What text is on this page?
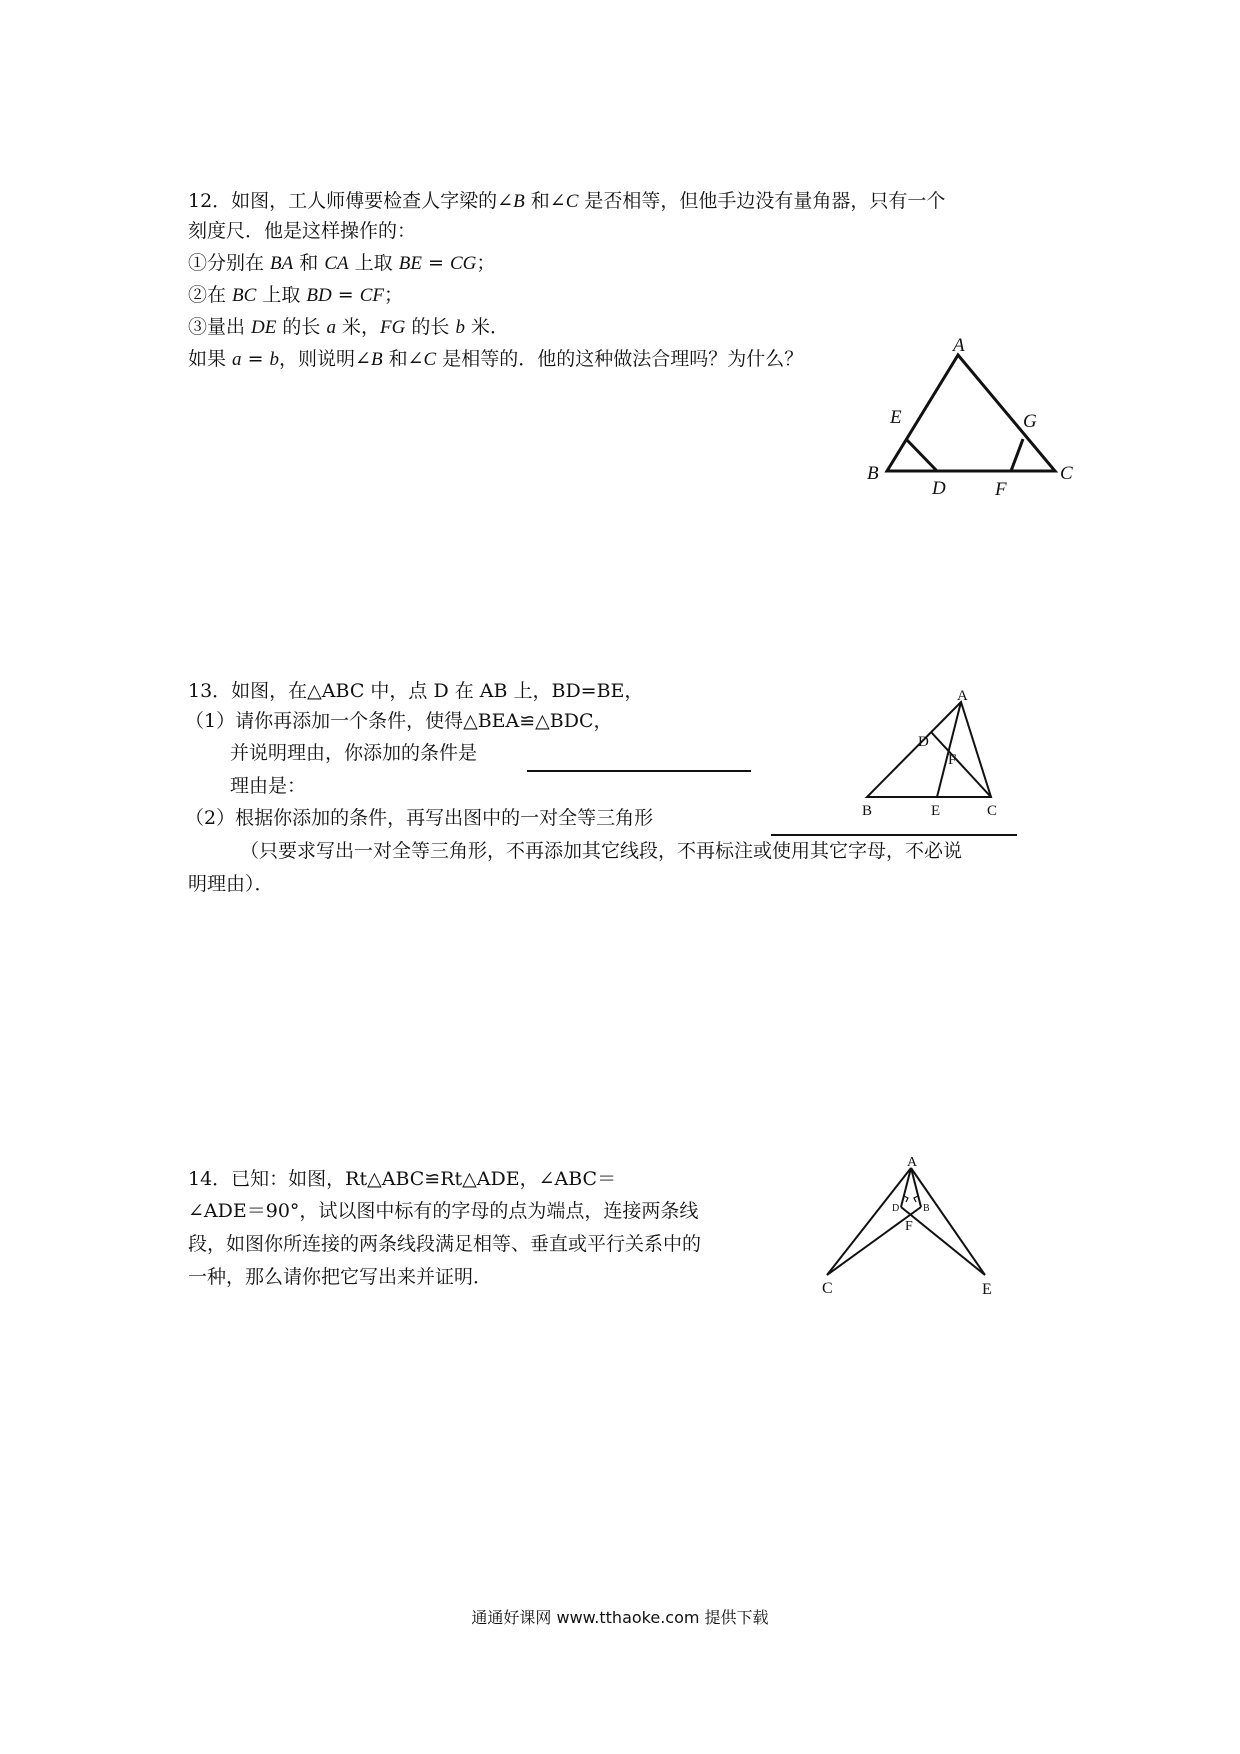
12．如图，工人师傅要检查人字梁的∠B 和∠C 是否相等，但他手边没有量角器，只有一个
刻度尺．他是这样操作的：
①分别在 BA 和 CA 上取 BE = CG；
②在 BC 上取 BD = CF；
③量出 DE 的长 a 米，FG 的长 b 米．
如果 a = b，则说明∠B 和∠C 是相等的．他的这种做法合理吗？为什么？
A
B	C
D
E
F
G
13．如图，在△ABC 中，点 D 在 AB 上，BD=BE，
（1）请你再添加一个条件，使得△BEA≌△BDC，
并说明理由，你添加的条件是
理由是：
（2）根据你添加的条件，再写出图中的一对全等三角形
（只要求写出一对全等三角形，不再添加其它线段，不再标注或使用其它字母，不必说
明理由）．
A
B	C
D
E
F
14．已知：如图，Rt△ABC≌Rt△ADE，∠ABC＝
∠ADE＝90°，试以图中标有的字母的点为端点，连接两条线
段，如图你所连接的两条线段满足相等、垂直或平行关系中的
一种，那么请你把它写出来并证明．
A
D B
F
C	E
通通好课网 www.tthaoke.com 提供下载
